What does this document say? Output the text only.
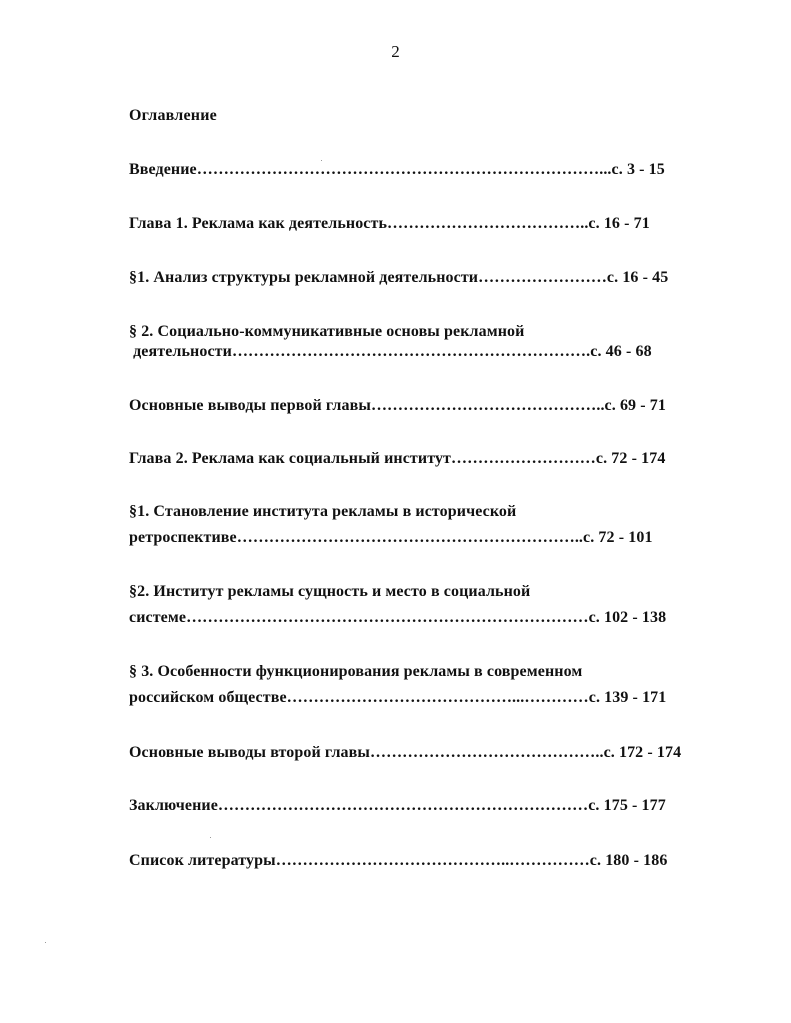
2
Оглавление
Введение…………………………………………………………………...с. 3 - 15
Глава 1. Реклама как деятельность………………………………..с. 16 - 71
§1. Анализ структуры рекламной деятельности……………………с. 16 - 45
§ 2. Социально-коммуникативные основы рекламной
деятельности………………………………………………………….с. 46 - 68
Основные выводы первой главы……………………………………..с. 69 - 71
Глава 2. Реклама как социальный институт………………………с. 72 - 174
§1. Становление института рекламы в исторической
ретроспективе………………………………………………………..с. 72 - 101
§2. Институт рекламы сущность и место в социальной
системе…………………………………………………………………с. 102 - 138
§ 3. Особенности функционирования рекламы в современном
российском обществе……………………………………...…………с. 139 - 171
Основные выводы второй главы……………………………………..с. 172 - 174
Заключение……………………………………………………………с. 175 - 177
Список литературы……………………………………..……………с. 180 - 186
